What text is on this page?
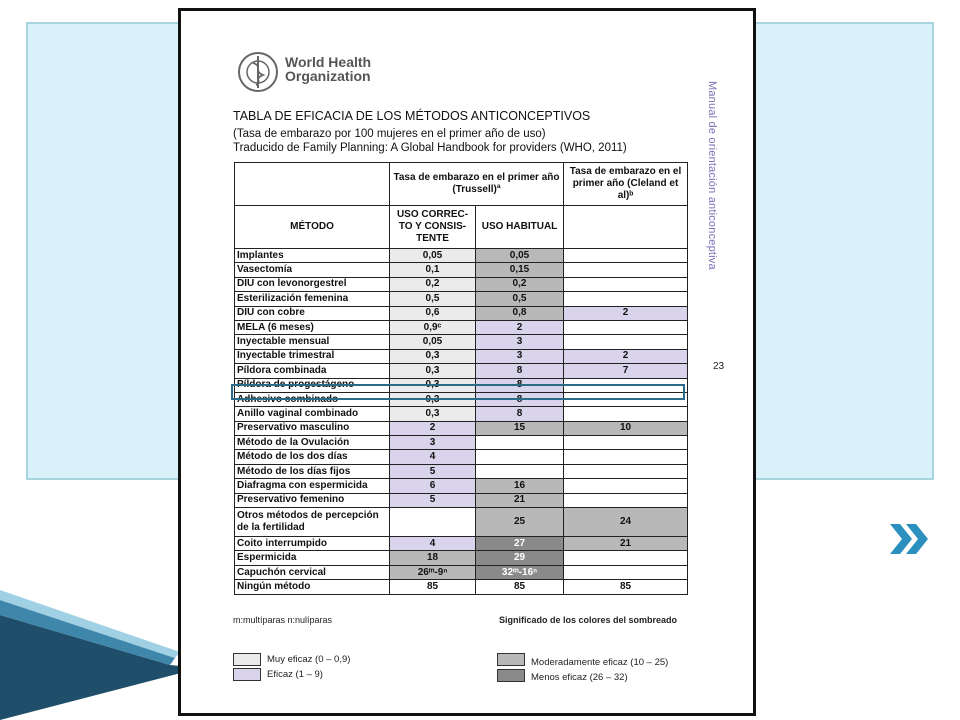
World Health
Organization
TABLA DE EFICACIA DE LOS MÉTODOS ANTICONCEPTIVOS
(Tasa de embarazo por 100 mujeres en el primer año de uso)
Traducido de Family Planning: A Global Handbook for providers (WHO, 2011)	Manual de orientación anticonceptiva
23
	Tasa de embarazo en el primer año (Trussell)ª		Tasa de embarazo en el primer año (Cleland et al)ᵇ
MÉTODO	USO CORREC-TO Y CONSIS-TENTE	USO HABITUAL	
Implantes	0,05	0,05	
Vasectomía	0,1	0,15	
DIU con levonorgestrel	0,2	0,2	
Esterilización femenina	0,5	0,5	
DIU con cobre	0,6	0,8	2
MELA (6 meses)	0,9ᶜ	2	
Inyectable mensual	0,05	3	
Inyectable trimestral	0,3	3	2
Píldora combinada	0,3	8	7
Píldora de progestágeno	0,3	8	
Adhesivo combinado	0,3	8	
Anillo vaginal combinado	0,3	8	
Preservativo masculino	2	15	10
Método de la Ovulación	3		
Método de los dos días	4		
Método de los días fijos	5		
Diafragma con espermicida	6	16	
Preservativo femenino	5	21	
Otros métodos de percepción de la fertilidad		25	24
Coito interrumpido	4	27	21
Espermicida	18	29	
Capuchón cervical	26ᵐ-9ⁿ	32ᵐ-16ⁿ	
Ningún método	85	85	85
m:multíparas n:nulíparas	Significado de los colores del sombreado
Muy eficaz (0 – 0,9)
Eficaz (1 – 9)
Moderadamente eficaz (10 – 25)
Menos eficaz (26 – 32)
